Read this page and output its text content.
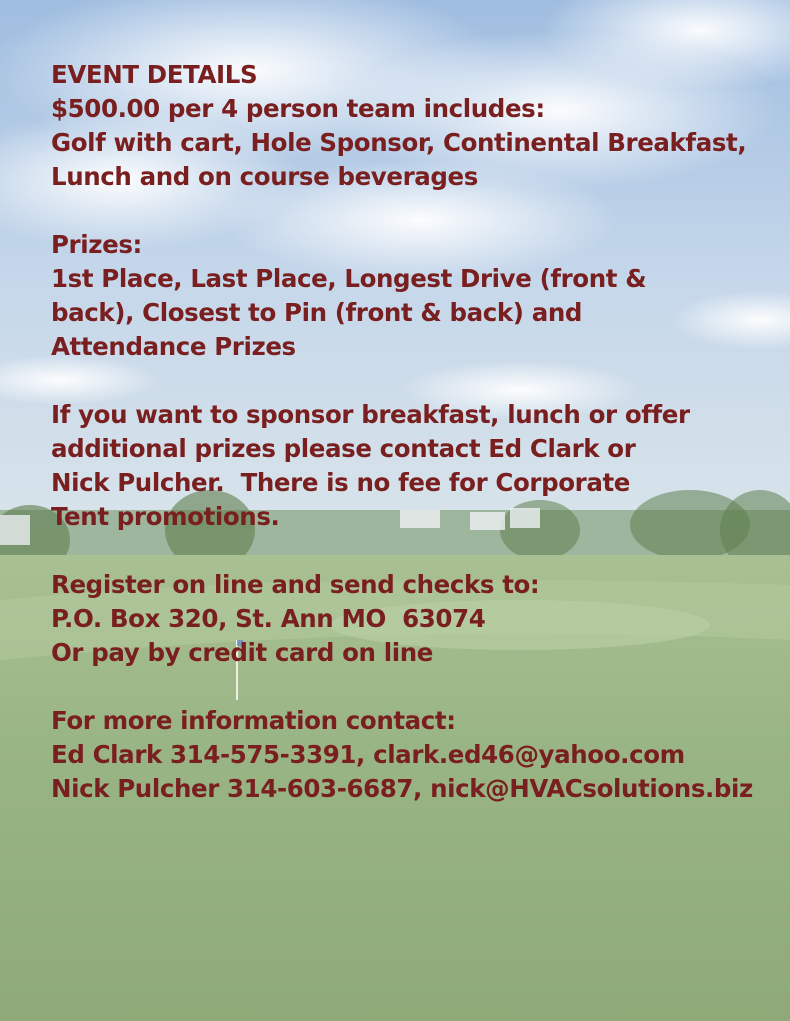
EVENT DETAILS
$500.00 per 4 person team includes:
Golf with cart, Hole Sponsor, Continental Breakfast,
Lunch and on course beverages

Prizes:
1st Place, Last Place, Longest Drive (front &
back), Closest to Pin (front & back) and
Attendance Prizes

If you want to sponsor breakfast, lunch or offer
additional prizes please contact Ed Clark or
Nick Pulcher.  There is no fee for Corporate
Tent promotions.

Register on line and send checks to:
P.O. Box 320, St. Ann MO  63074
Or pay by credit card on line

For more information contact:
Ed Clark 314-575-3391, clark.ed46@yahoo.com
Nick Pulcher 314-603-6687, nick@HVACsolutions.biz
